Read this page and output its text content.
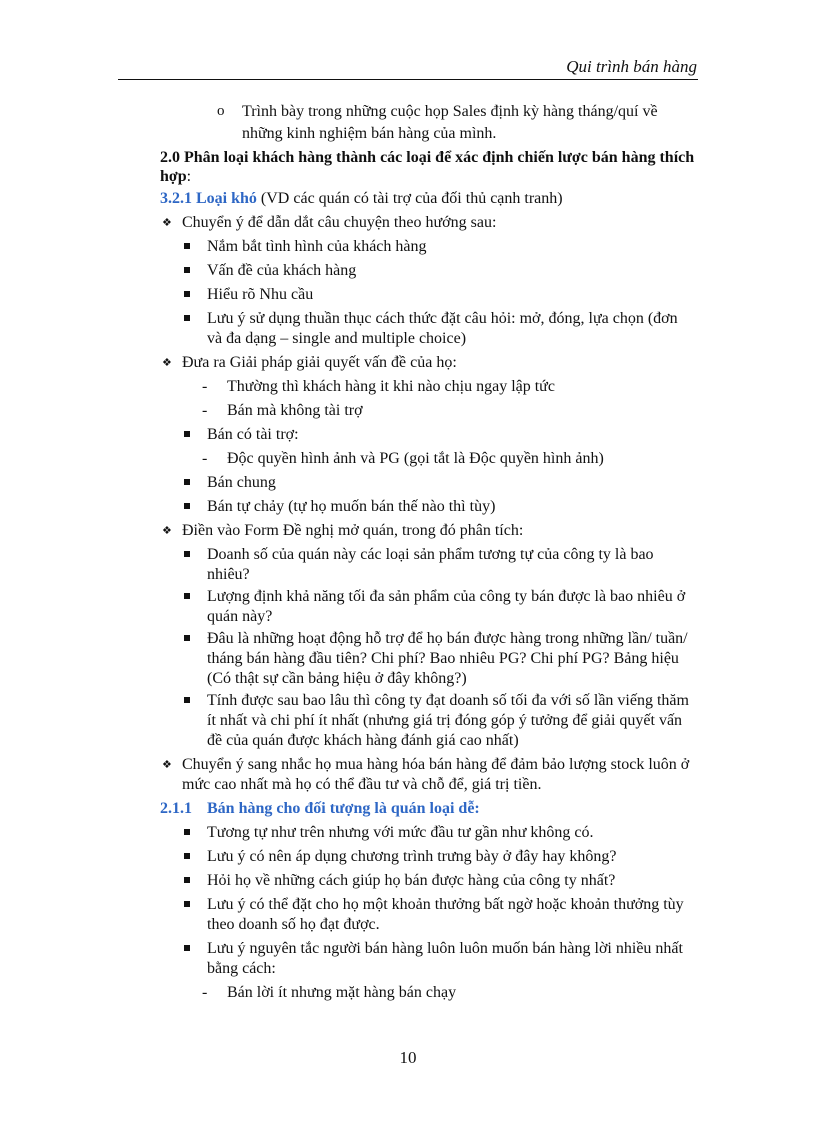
Qui trình bán hàng
o Trình bày trong những cuộc họp Sales định kỳ hàng tháng/quí về
những kinh nghiệm bán hàng của mình.
2.0 Phân loại khách hàng thành các loại để xác định chiến lược bán hàng thích
hợp:
3.2.1 Loại khó (VD các quán có tài trợ của đối thủ cạnh tranh)
❖ Chuyển ý để dẫn dắt câu chuyện theo hướng sau:
Nắm bắt tình hình của khách hàng
Vấn đề của khách hàng
Hiểu rõ Nhu cầu
Lưu ý sử dụng thuần thục cách thức đặt câu hỏi: mở, đóng, lựa chọn (đơn
và đa dạng – single and multiple choice)
❖ Đưa ra Giải pháp giải quyết vấn đề của họ:
- Thường thì khách hàng it khi nào chịu ngay lập tức
- Bán mà không tài trợ
Bán có tài trợ:
- Độc quyền hình ảnh và PG (gọi tắt là Độc quyền hình ảnh)
Bán chung
Bán tự chảy (tự họ muốn bán thế nào thì tùy)
❖ Điền vào Form Đề nghị mở quán, trong đó phân tích:
Doanh số của quán này các loại sản phẩm tương tự của công ty là bao
nhiêu?
Lượng định khả năng tối đa sản phẩm của công ty bán được là bao nhiêu ở
quán này?
Đâu là những hoạt động hỗ trợ để họ bán được hàng trong những lần/ tuần/
tháng bán hàng đầu tiên? Chi phí? Bao nhiêu PG? Chi phí PG? Bảng hiệu
(Có thật sự cần bảng hiệu ở đây không?)
Tính được sau bao lâu thì công ty đạt doanh số tối đa với số lần viếng thăm
ít nhất và chi phí ít nhất (nhưng giá trị đóng góp ý tưởng để giải quyết vấn
đề của quán được khách hàng đánh giá cao nhất)
❖ Chuyển ý sang nhắc họ mua hàng hóa bán hàng để đảm bảo lượng stock luôn ở
mức cao nhất mà họ có thể đầu tư và chỗ để, giá trị tiền.
2.1.1 Bán hàng cho đối tượng là quán loại dễ:
Tương tự như trên nhưng với mức đầu tư gần như không có.
Lưu ý có nên áp dụng chương trình trưng bày ở đây hay không?
Hỏi họ về những cách giúp họ bán được hàng của công ty nhất?
Lưu ý có thể đặt cho họ một khoản thưởng bất ngờ hoặc khoản thưởng tùy
theo doanh số họ đạt được.
Lưu ý nguyên tắc người bán hàng luôn luôn muốn bán hàng lời nhiều nhất
bằng cách:
- Bán lời ít nhưng mặt hàng bán chạy
10
